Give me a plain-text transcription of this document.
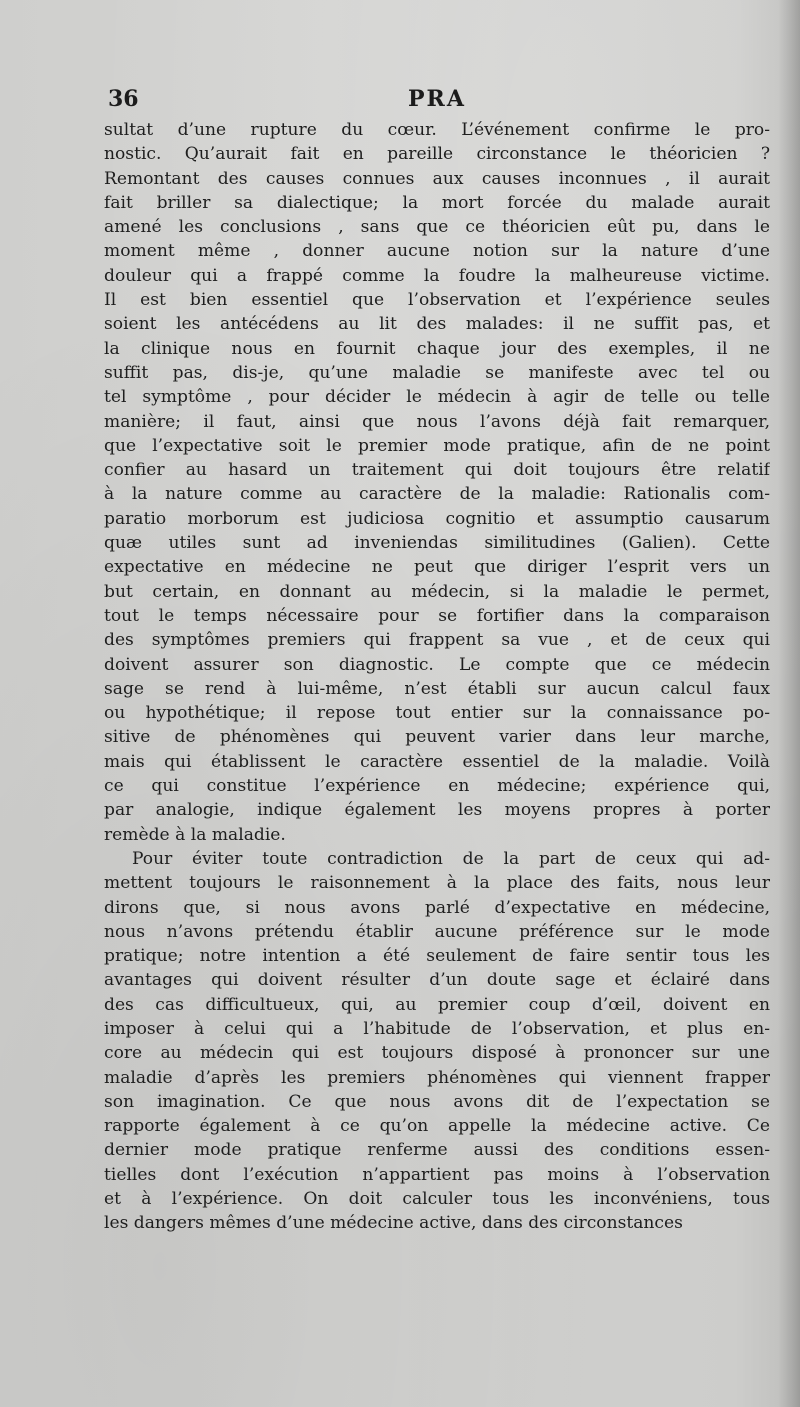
36	PRA
sultat d’une rupture du cœur. L’événement confirme le pro-
nostic. Qu’aurait fait en pareille circonstance le théoricien ?
Remontant des causes connues aux causes inconnues , il aurait
fait briller sa dialectique; la mort forcée du malade aurait
amené les conclusions , sans que ce théoricien eût pu, dans le
moment même , donner aucune notion sur la nature d’une
douleur qui a frappé comme la foudre la malheureuse victime.
Il est bien essentiel que l’observation et l’expérience seules
soient les antécédens au lit des malades: il ne suffit pas, et
la clinique nous en fournit chaque jour des exemples, il ne
suffit pas, dis-je, qu’une maladie se manifeste avec tel ou
tel symptôme , pour décider le médecin à agir de telle ou telle
manière; il faut, ainsi que nous l’avons déjà fait remarquer,
que l’expectative soit le premier mode pratique, afin de ne point
confier au hasard un traitement qui doit toujours être relatif
à la nature comme au caractère de la maladie: Rationalis com-
paratio morborum est judiciosa cognitio et assumptio causarum
quæ utiles sunt ad inveniendas similitudines (Galien). Cette
expectative en médecine ne peut que diriger l’esprit vers un
but certain, en donnant au médecin, si la maladie le permet,
tout le temps nécessaire pour se fortifier dans la comparaison
des symptômes premiers qui frappent sa vue , et de ceux qui
doivent assurer son diagnostic. Le compte que ce médecin
sage se rend à lui-même, n’est établi sur aucun calcul faux
ou hypothétique; il repose tout entier sur la connaissance po-
sitive de phénomènes qui peuvent varier dans leur marche,
mais qui établissent le caractère essentiel de la maladie. Voilà
ce qui constitue l’expérience en médecine; expérience qui,
par analogie, indique également les moyens propres à porter
remède à la maladie.
Pour éviter toute contradiction de la part de ceux qui ad-
mettent toujours le raisonnement à la place des faits, nous leur
dirons que, si nous avons parlé d’expectative en médecine,
nous n’avons prétendu établir aucune préférence sur le mode
pratique; notre intention a été seulement de faire sentir tous les
avantages qui doivent résulter d’un doute sage et éclairé dans
des cas difficultueux, qui, au premier coup d’œil, doivent en
imposer à celui qui a l’habitude de l’observation, et plus en-
core au médecin qui est toujours disposé à prononcer sur une
maladie d’après les premiers phénomènes qui viennent frapper
son imagination. Ce que nous avons dit de l’expectation se
rapporte également à ce qu’on appelle la médecine active. Ce
dernier mode pratique renferme aussi des conditions essen-
tielles dont l’exécution n’appartient pas moins à l’observation
et à l’expérience. On doit calculer tous les inconvéniens, tous
les dangers mêmes d’une médecine active, dans des circonstances
